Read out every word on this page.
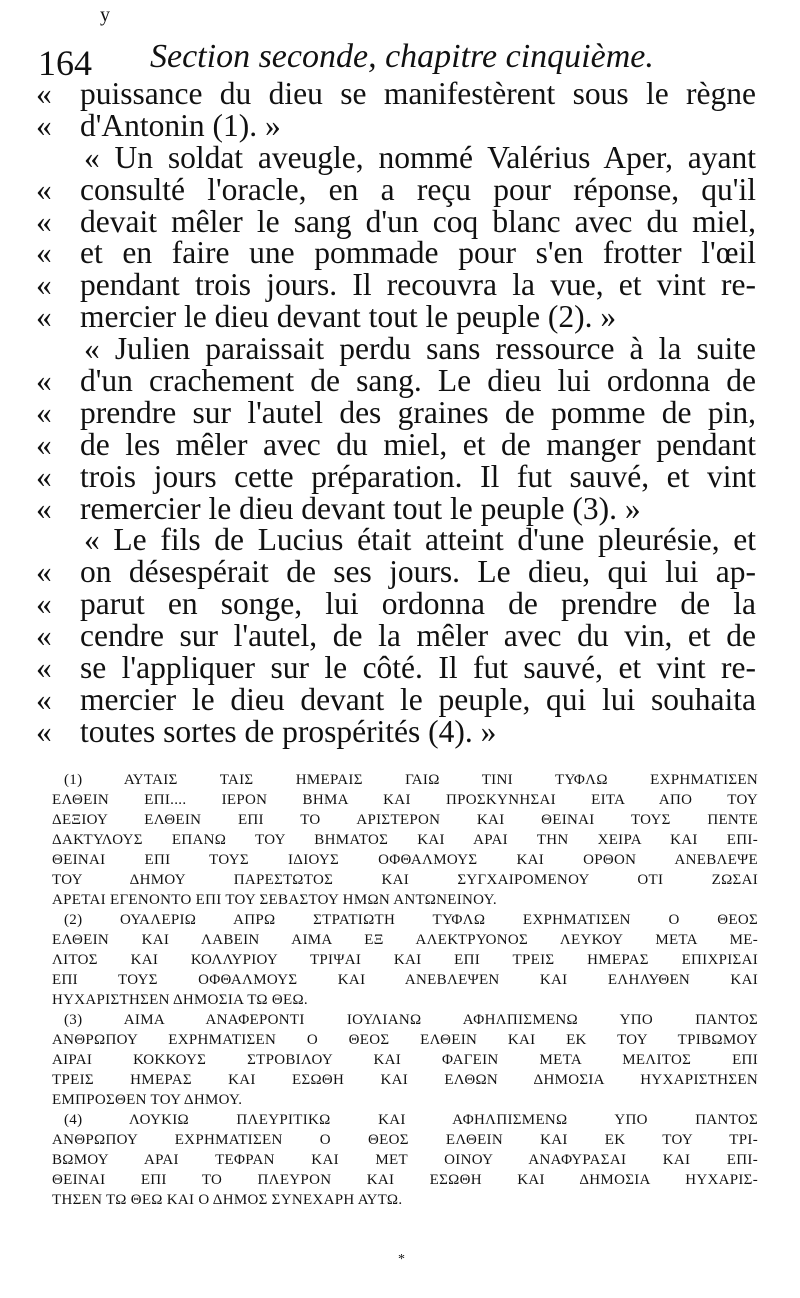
y
164 Section seconde, chapitre cinquième.
« puissance du dieu se manifestèrent sous le règne
« d'Antonin (1). »
« Un soldat aveugle, nommé Valérius Aper, ayant
« consulté l'oracle, en a reçu pour réponse, qu'il
« devait mêler le sang d'un coq blanc avec du miel,
« et en faire une pommade pour s'en frotter l'œil
« pendant trois jours. Il recouvra la vue, et vint re-
« mercier le dieu devant tout le peuple (2). »
« Julien paraissait perdu sans ressource à la suite
« d'un crachement de sang. Le dieu lui ordonna de
« prendre sur l'autel des graines de pomme de pin,
« de les mêler avec du miel, et de manger pendant
« trois jours cette préparation. Il fut sauvé, et vint
« remercier le dieu devant tout le peuple (3). »
« Le fils de Lucius était atteint d'une pleurésie, et
« on désespérait de ses jours. Le dieu, qui lui ap-
« parut en songe, lui ordonna de prendre de la
« cendre sur l'autel, de la mêler avec du vin, et de
« se l'appliquer sur le côté. Il fut sauvé, et vint re-
« mercier le dieu devant le peuple, qui lui souhaita
« toutes sortes de prospérités (4). »
(1) ΑΥΤΑΙΣ ΤΑΙΣ ΗΜΕΡΑΙΣ ΓΑΙΩ ΤΙΝΙ ΤΥΦΛΩ ΕΧΡΗΜΑΤΙΣΕΝ
ΕΛΘΕΙΝ ΕΠΙ.... ΙΕΡΟΝ ΒΗΜΑ ΚΑΙ ΠΡΟΣΚΥΝΗΣΑΙ ΕΙΤΑ ΑΠΟ ΤΟΥ
ΔΕΞΙΟΥ ΕΛΘΕΙΝ ΕΠΙ ΤΟ ΑΡΙΣΤΕΡΟΝ ΚΑΙ ΘΕΙΝΑΙ ΤΟΥΣ ΠΕΝΤΕ
ΔΑΚΤΥΛΟΥΣ ΕΠΑΝΩ ΤΟΥ ΒΗΜΑΤΟΣ ΚΑΙ ΑΡΑΙ ΤΗΝ ΧΕΙΡΑ ΚΑΙ ΕΠΙ-
ΘΕΙΝΑΙ ΕΠΙ ΤΟΥΣ ΙΔΙΟΥΣ ΟΦΘΑΛΜΟΥΣ ΚΑΙ ΟΡΘΟΝ ΑΝΕΒΛΕΨΕ
ΤΟΥ ΔΗΜΟΥ ΠΑΡΕΣΤΩΤΟΣ ΚΑΙ ΣΥΓΧΑΙΡΟΜΕΝΟΥ ΟΤΙ ΖΩΣΑΙ
ΑΡΕΤΑΙ ΕΓΕΝΟΝΤΟ ΕΠΙ ΤΟΥ ΣΕΒΑΣΤΟΥ ΗΜΩΝ ΑΝΤΩΝΕΙΝΟΥ.
(2) ΟΥΑΛΕΡΙΩ ΑΠΡΩ ΣΤΡΑΤΙΩΤΗ ΤΥΦΛΩ ΕΧΡΗΜΑΤΙΣΕΝ Ο ΘΕΟΣ
ΕΛΘΕΙΝ ΚΑΙ ΛΑΒΕΙΝ ΑΙΜΑ ΕΞ ΑΛΕΚΤΡΥΟΝΟΣ ΛΕΥΚΟΥ ΜΕΤΑ ΜΕ-
ΛΙΤΟΣ ΚΑΙ ΚΟΛΛΥΡΙΟΥ ΤΡΙΨΑΙ ΚΑΙ ΕΠΙ ΤΡΕΙΣ ΗΜΕΡΑΣ ΕΠΙΧΡΙΣΑΙ
ΕΠΙ ΤΟΥΣ ΟΦΘΑΛΜΟΥΣ ΚΑΙ ΑΝΕΒΛΕΨΕΝ ΚΑΙ ΕΛΗΛΥΘΕΝ ΚΑΙ
ΗΥΧΑΡΙΣΤΗΣΕΝ ΔΗΜΟΣΙΑ ΤΩ ΘΕΩ.
(3) ΑΙΜΑ ΑΝΑΦΕΡΟΝΤΙ ΙΟΥΛΙΑΝΩ ΑΦΗΛΠΙΣΜΕΝΩ ΥΠΟ ΠΑΝΤΟΣ
ΑΝΘΡΩΠΟΥ ΕΧΡΗΜΑΤΙΣΕΝ Ο ΘΕΟΣ ΕΛΘΕΙΝ ΚΑΙ ΕΚ ΤΟΥ ΤΡΙΒΩΜΟΥ
ΑΙΡΑΙ ΚΟΚΚΟΥΣ ΣΤΡΟΒΙΛΟΥ ΚΑΙ ΦΑΓΕΙΝ ΜΕΤΑ ΜΕΛΙΤΟΣ ΕΠΙ
ΤΡΕΙΣ ΗΜΕΡΑΣ ΚΑΙ ΕΣΩΘΗ ΚΑΙ ΕΛΘΩΝ ΔΗΜΟΣΙΑ ΗΥΧΑΡΙΣΤΗΣΕΝ
ΕΜΠΡΟΣΘΕΝ ΤΟΥ ΔΗΜΟΥ.
(4) ΛΟΥΚΙΩ ΠΛΕΥΡΙΤΙΚΩ ΚΑΙ ΑΦΗΛΠΙΣΜΕΝΩ ΥΠΟ ΠΑΝΤΟΣ
ΑΝΘΡΩΠΟΥ ΕΧΡΗΜΑΤΙΣΕΝ Ο ΘΕΟΣ ΕΛΘΕΙΝ ΚΑΙ ΕΚ ΤΟΥ ΤΡΙ-
ΒΩΜΟΥ ΑΡΑΙ ΤΕΦΡΑΝ ΚΑΙ ΜΕΤ ΟΙΝΟΥ ΑΝΑΦΥΡΑΣΑΙ ΚΑΙ ΕΠΙ-
ΘΕΙΝΑΙ ΕΠΙ ΤΟ ΠΛΕΥΡΟΝ ΚΑΙ ΕΣΩΘΗ ΚΑΙ ΔΗΜΟΣΙΑ ΗΥΧΑΡΙΣ-
ΤΗΣΕΝ ΤΩ ΘΕΩ ΚΑΙ Ο ΔΗΜΟΣ ΣΥΝΕΧΑΡΗ ΑΥΤΩ.
*
